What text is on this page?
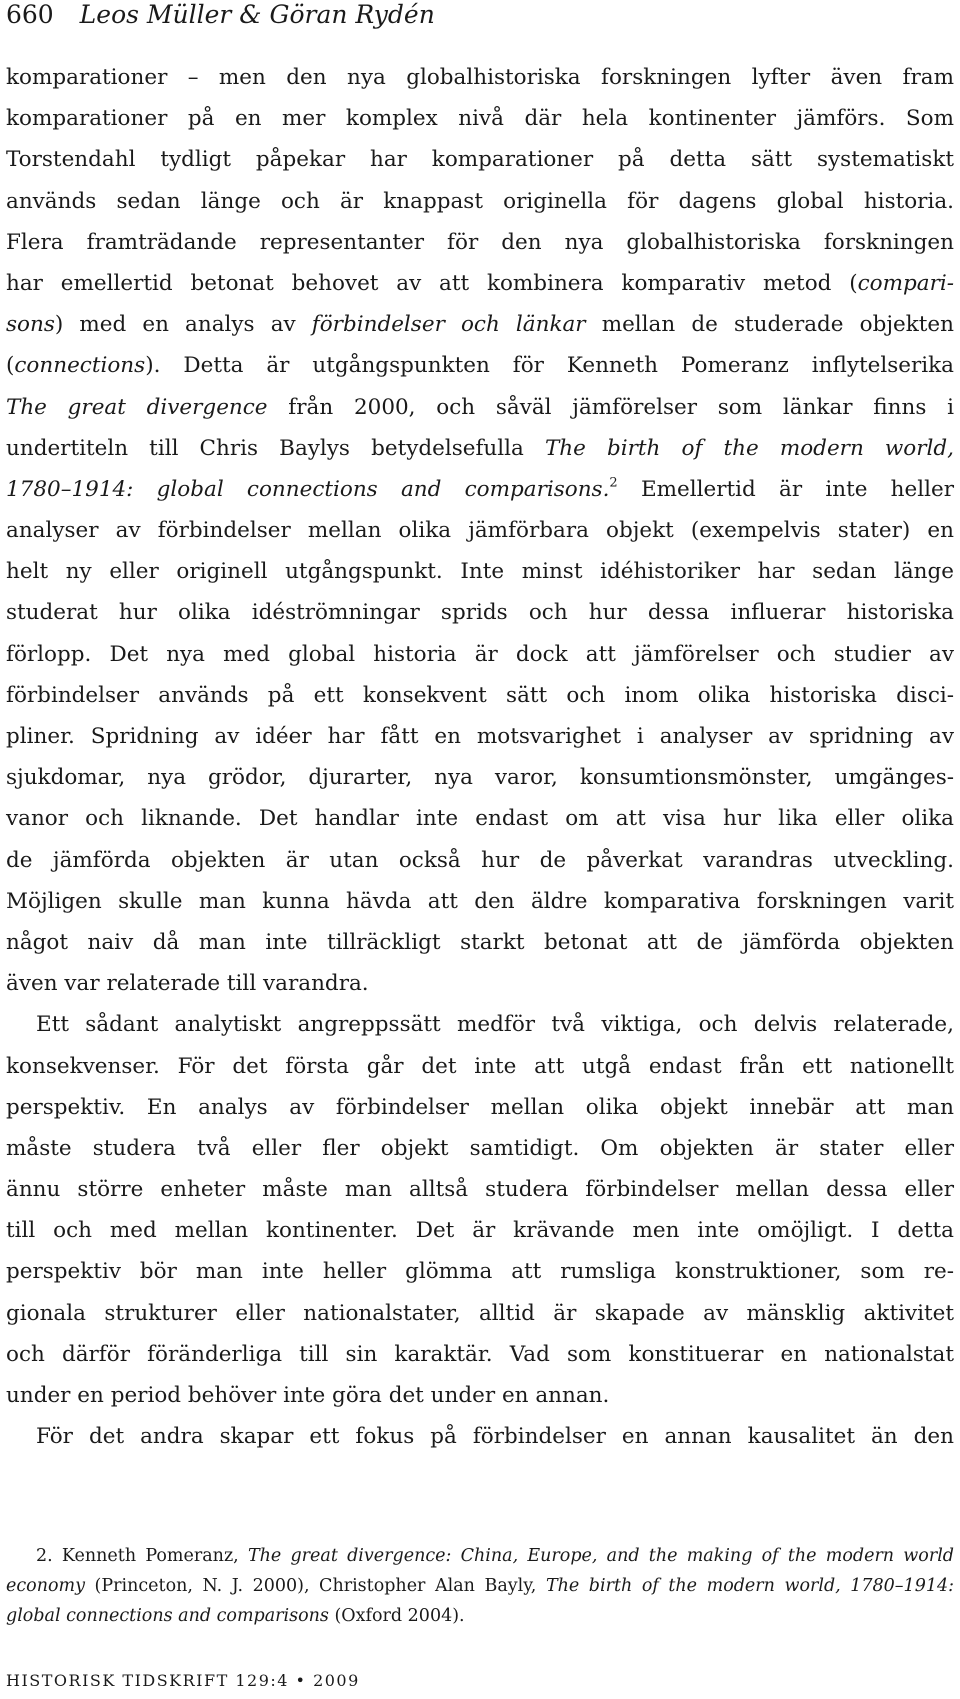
660 Leos Müller & Göran Rydén
komparationer – men den nya globalhistoriska forskningen lyfter även fram
komparationer på en mer komplex nivå där hela kontinenter jämförs. Som
Torstendahl tydligt påpekar har komparationer på detta sätt systematiskt
används sedan länge och är knappast originella för dagens global historia.
Flera framträdande representanter för den nya globalhistoriska forskningen
har emellertid betonat behovet av att kombinera komparativ metod (compari-
sons) med en analys av förbindelser och länkar mellan de studerade objekten
(connections). Detta är utgångspunkten för Kenneth Pomeranz inflytelserika
The great divergence från 2000, och såväl jämförelser som länkar finns i
undertiteln till Chris Baylys betydelsefulla The birth of the modern world,
1780–1914: global connections and comparisons.$^2$ Emellertid är inte heller
analyser av förbindelser mellan olika jämförbara objekt (exempelvis stater) en
helt ny eller originell utgångspunkt. Inte minst idéhistoriker har sedan länge
studerat hur olika idéströmningar sprids och hur dessa influerar historiska
förlopp. Det nya med global historia är dock att jämförelser och studier av
förbindelser används på ett konsekvent sätt och inom olika historiska disci-
pliner. Spridning av idéer har fått en motsvarighet i analyser av spridning av
sjukdomar, nya grödor, djurarter, nya varor, konsumtionsmönster, umgänges-
vanor och liknande. Det handlar inte endast om att visa hur lika eller olika
de jämförda objekten är utan också hur de påverkat varandras utveckling.
Möjligen skulle man kunna hävda att den äldre komparativa forskningen varit
något naiv då man inte tillräckligt starkt betonat att de jämförda objekten
även var relaterade till varandra.
Ett sådant analytiskt angreppssätt medför två viktiga, och delvis relaterade,
konsekvenser. För det första går det inte att utgå endast från ett nationellt
perspektiv. En analys av förbindelser mellan olika objekt innebär att man
måste studera två eller fler objekt samtidigt. Om objekten är stater eller
ännu större enheter måste man alltså studera förbindelser mellan dessa eller
till och med mellan kontinenter. Det är krävande men inte omöjligt. I detta
perspektiv bör man inte heller glömma att rumsliga konstruktioner, som re-
gionala strukturer eller nationalstater, alltid är skapade av mänsklig aktivitet
och därför föränderliga till sin karaktär. Vad som konstituerar en nationalstat
under en period behöver inte göra det under en annan.
För det andra skapar ett fokus på förbindelser en annan kausalitet än den
2. Kenneth Pomeranz, The great divergence: China, Europe, and the making of the modern world
economy (Princeton, N. J. 2000), Christopher Alan Bayly, The birth of the modern world, 1780–1914:
global connections and comparisons (Oxford 2004).
HISTORISK TIDSKRIFT 129:4 • 2009
